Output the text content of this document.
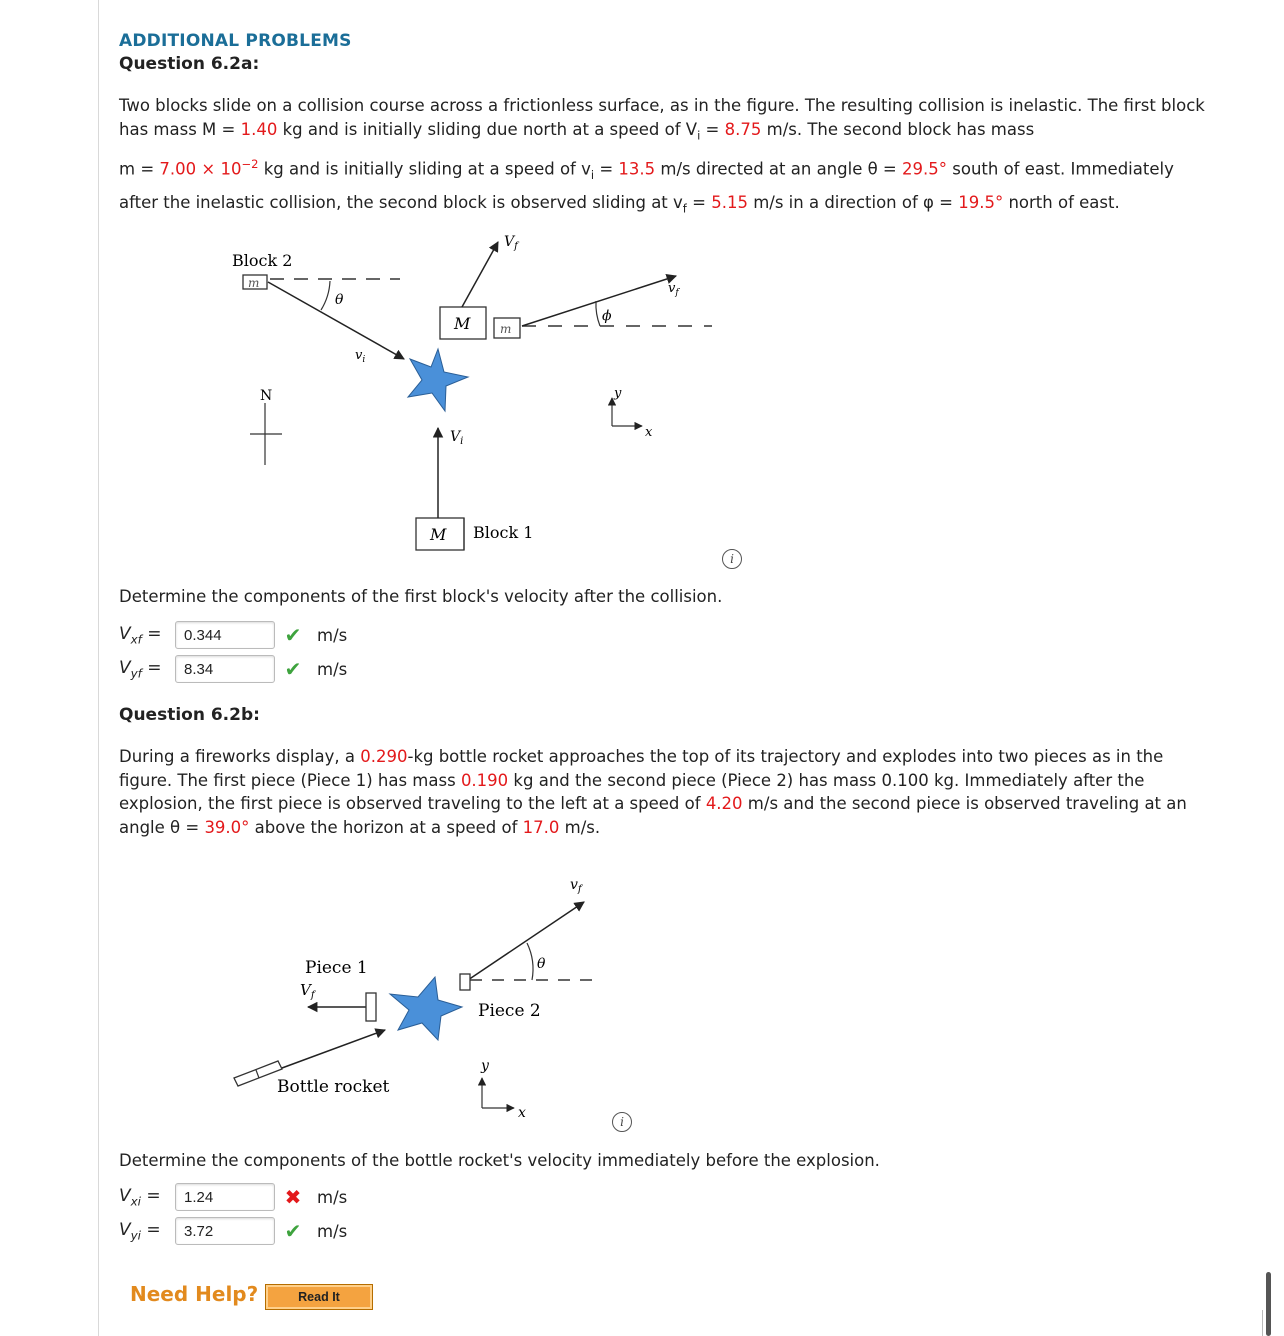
ADDITIONAL PROBLEMS
Question 6.2a:
Two blocks slide on a collision course across a frictionless surface, as in the figure. The resulting collision is inelastic. The first block has mass M = 1.40 kg and is initially sliding due north at a speed of $V_i = 8.75$ m/s. The second block has mass

$m = 7.00 \times 10^{-2}$ kg and is initially sliding at a speed of $v_i = 13.5$ m/s directed at an angle θ = 29.5° south of east. Immediately
after the inelastic collision, the second block is observed sliding at $v_f = 5.15$ m/s in a direction of φ = 19.5° north of east.
Block 2
m
θ
$v_i$
M
$V_f$
m
ϕ
$v_f$
M Block 1
$V_i$
N	y
x
i
Determine the components of the first block's velocity after the collision.
$V_{xf}$ =	0.344	✔ m/s
$V_{yf}$ =	8.34	✔ m/s
Question 6.2b:
During a fireworks display, a 0.290-kg bottle rocket approaches the top of its trajectory and explodes into two pieces as in the
figure. The first piece (Piece 1) has mass 0.190 kg and the second piece (Piece 2) has mass 0.100 kg. Immediately after the
explosion, the first piece is observed traveling to the left at a speed of 4.20 m/s and the second piece is observed traveling at an
angle θ = 39.0° above the horizon at a speed of 17.0 m/s.
$v_f$
θ
Piece 2
Piece 1
$V_f$
Bottle rocket
y
x
i
Determine the components of the bottle rocket's velocity immediately before the explosion.
$V_{xi}$ =	1.24	✖ m/s
$V_{yi}$ =	3.72	✔ m/s
Need Help?	Read It
